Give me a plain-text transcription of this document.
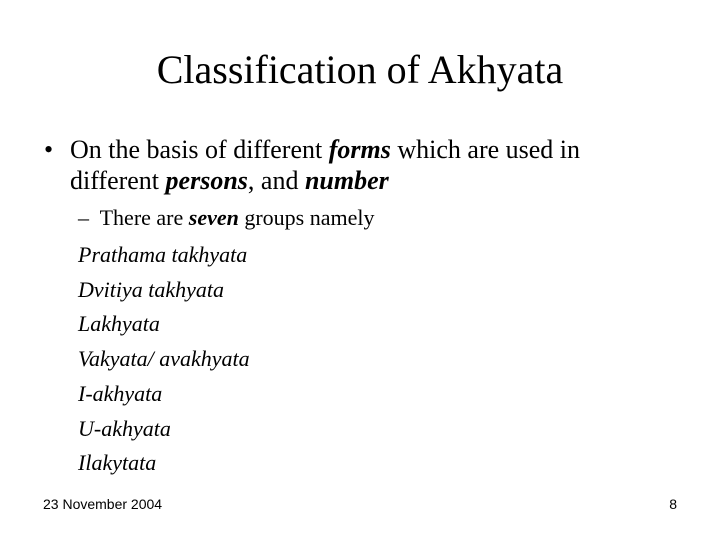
Classification of Akhyata
• On the basis of different forms which are used in different persons, and number
– There are seven groups namely
Prathama takhyata
Dvitiya takhyata
Lakhyata
Vakyata/ avakhyata
I-akhyata
U-akhyata
Ilakytata
23 November 2004	8
